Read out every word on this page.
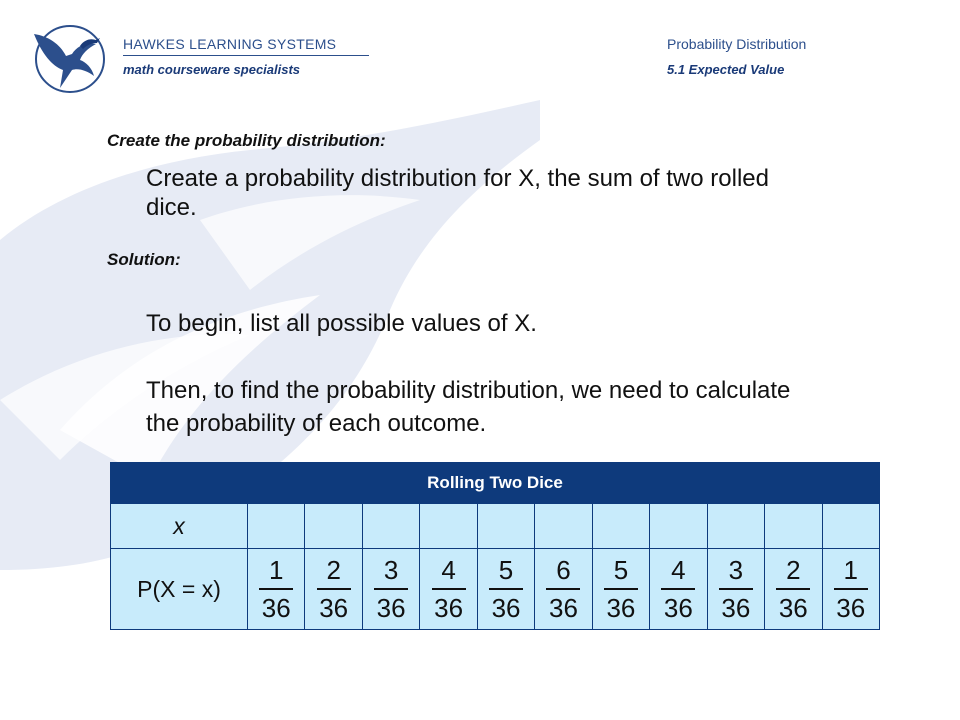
HAWKES LEARNING SYSTEMS
math courseware specialists
Probability Distribution
5.1 Expected Value
Create the probability distribution:
Create a probability distribution for X, the sum of two rolled dice.
Solution:
To begin, list all possible values of X.
Then, to find the probability distribution, we need to calculate the probability of each outcome.
Rolling Two Dice											
x											
P(X = x)	$\frac{1}{36}$	$\frac{2}{36}$	$\frac{3}{36}$	$\frac{4}{36}$	$\frac{5}{36}$	$\frac{6}{36}$	$\frac{5}{36}$	$\frac{4}{36}$	$\frac{3}{36}$	$\frac{2}{36}$	$\frac{1}{36}$
